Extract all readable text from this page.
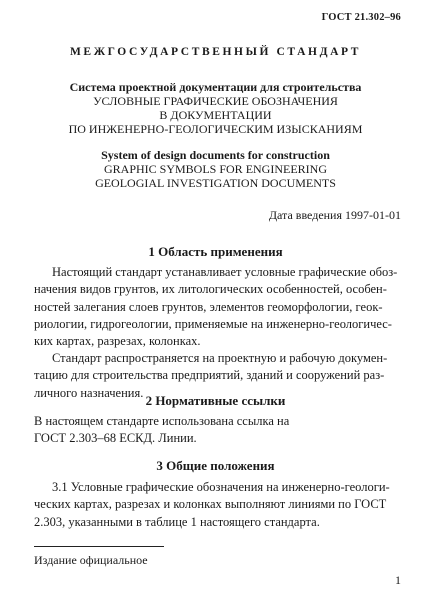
ГОСТ 21.302–96
МЕЖГОСУДАРСТВЕННЫЙ СТАНДАРТ
Система проектной документации для строительства
УСЛОВНЫЕ ГРАФИЧЕСКИЕ ОБОЗНАЧЕНИЯ
В ДОКУМЕНТАЦИИ
ПО ИНЖЕНЕРНО-ГЕОЛОГИЧЕСКИМ ИЗЫСКАНИЯМ
System of design documents for construction
GRAPHIC SYMBOLS FOR ENGINEERING
GEOLOGIAL INVESTIGATION DOCUMENTS
Дата введения 1997-01-01
1 Область применения
Настоящий стандарт устанавливает условные графические обоз-
начения видов грунтов, их литологических особенностей, особен-
ностей залегания слоев грунтов, элементов геоморфологии, геок-
риологии, гидрогеологии, применяемые на инженерно-геологичес-
ких картах, разрезах, колонках.
Стандарт распространяется на проектную и рабочую докумен-
тацию для строительства предприятий, зданий и сооружений раз-
личного назначения.
2 Нормативные ссылки
В настоящем стандарте использована ссылка на
ГОСТ 2.303–68 ЕСКД. Линии.
3 Общие положения
3.1 Условные графические обозначения на инженерно-геологи-
ческих картах, разрезах и колонках выполняют линиями по ГОСТ
2.303, указанными в таблице 1 настоящего стандарта.
Издание официальное
1
